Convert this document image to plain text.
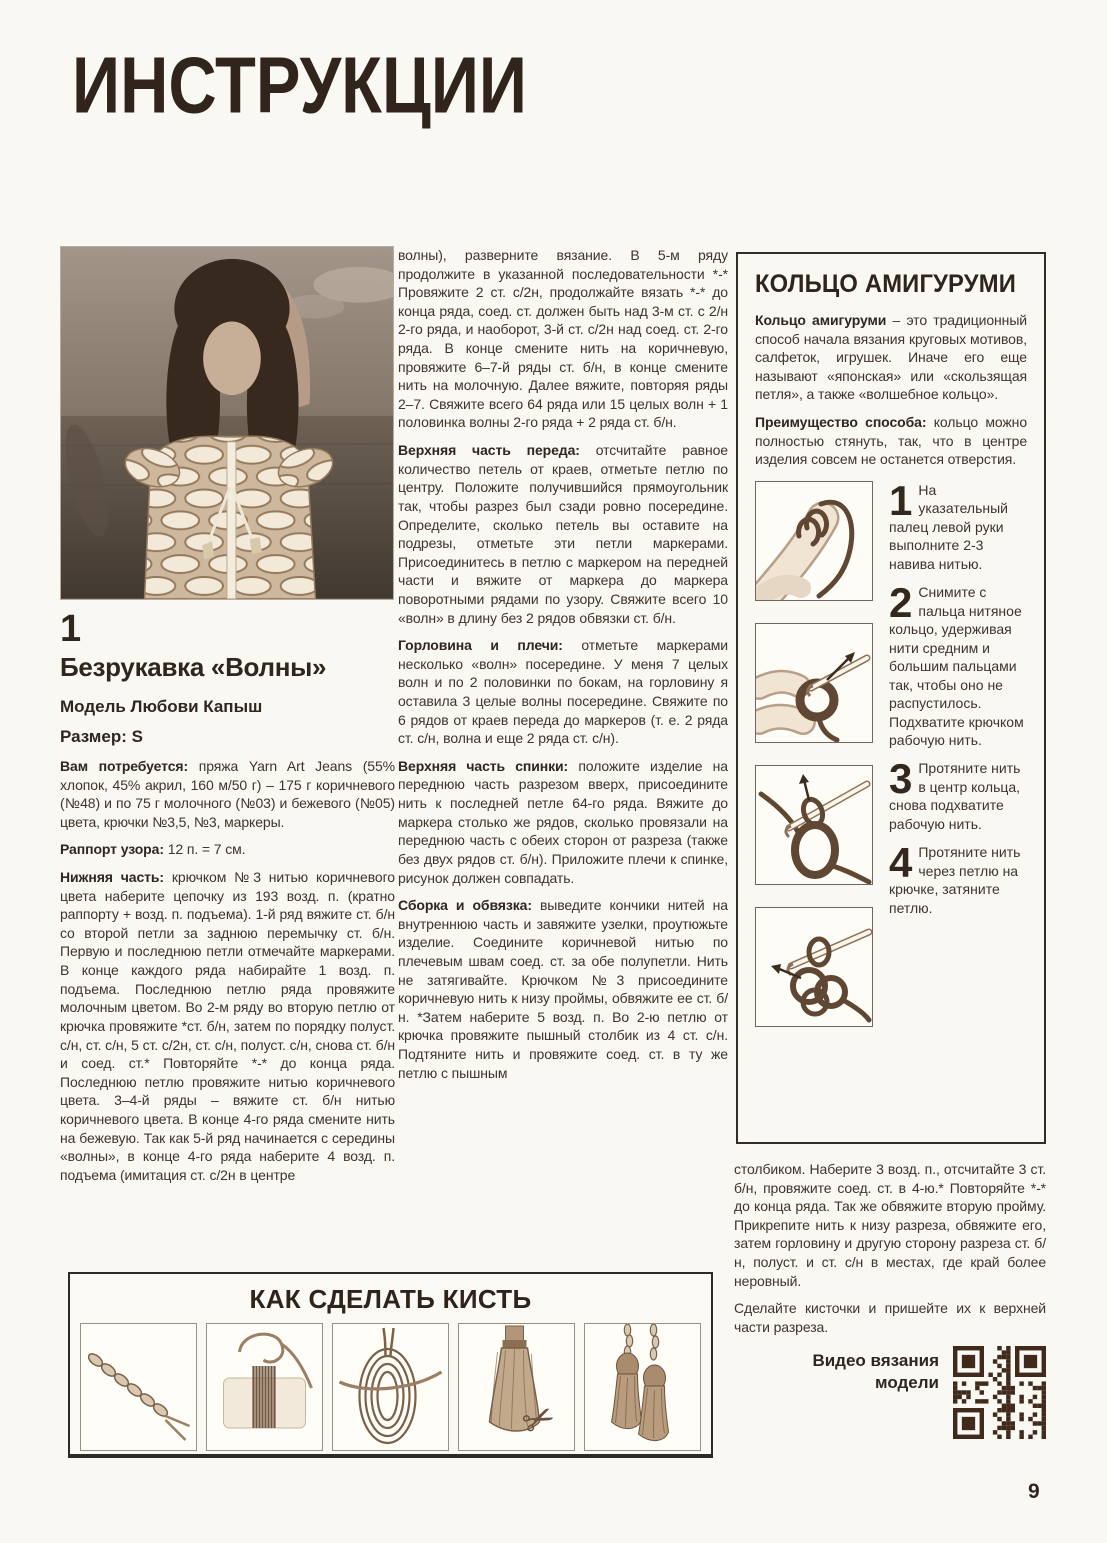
ИНСТРУКЦИИ
1
Безрукавка «Волны»
Модель Любови Капыш
Размер: S

Вам потребуется: пряжа Yarn Art Jeans (55% хлопок, 45% акрил, 160 м/50 г) – 175 г коричневого (№48) и по 75 г молочного (№03) и бежевого (№05) цвета, крючки №3,5, №3, маркеры.

Раппорт узора: 12 п. = 7 см.

Нижняя часть: крючком №3 нитью коричневого цвета наберите цепочку из 193 возд. п. (кратно раппорту + возд. п. подъема). 1-й ряд вяжите ст. б/н со второй петли за заднюю перемычку ст. б/н. Первую и последнюю петли отмечайте маркерами. В конце каждого ряда набирайте 1 возд. п. подъема. Последнюю петлю ряда провяжите молочным цветом. Во 2-м ряду во вторую петлю от крючка провяжите *ст. б/н, затем по порядку полуст. с/н, ст. с/н, 5 ст. с/2н, ст. с/н, полуст. с/н, снова ст. б/н и соед. ст.* Повторяйте *-* до конца ряда. Последнюю петлю провяжите нитью коричневого цвета. 3–4-й ряды – вяжите ст. б/н нитью коричневого цвета. В конце 4-го ряда смените нить на бежевую. Так как 5-й ряд начинается с середины «волны», в конце 4-го ряда наберите 4 возд. п. подъема (имитация ст. с/2н в центре

волны), разверните вязание. В 5-м ряду продолжите в указанной последовательности *-* Провяжите 2 ст. с/2н, продолжайте вязать *-* до конца ряда, соед. ст. должен быть над 3-м ст. с 2/н 2-го ряда, и наоборот, 3-й ст. с/2н над соед. ст. 2-го ряда. В конце смените нить на коричневую, провяжите 6–7-й ряды ст. б/н, в конце смените нить на молочную. Далее вяжите, повторяя ряды 2–7. Свяжите всего 64 ряда или 15 целых волн + 1 половинка волны 2-го ряда + 2 ряда ст. б/н.

Верхняя часть переда: отсчитайте равное количество петель от краев, отметьте петлю по центру. Положите получившийся прямоугольник так, чтобы разрез был сзади ровно посередине. Определите, сколько петель вы оставите на подрезы, отметьте эти петли маркерами. Присоединитесь в петлю с маркером на передней части и вяжите от маркера до маркера поворотными рядами по узору. Свяжите всего 10 «волн» в длину без 2 рядов обвязки ст. б/н.

Горловина и плечи: отметьте маркерами несколько «волн» посередине. У меня 7 целых волн и по 2 половинки по бокам, на горловину я оставила 3 целые волны посередине. Свяжите по 6 рядов от краев переда до маркеров (т. е. 2 ряда ст. с/н, волна и еще 2 ряда ст. с/н).

Верхняя часть спинки: положите изделие на переднюю часть разрезом вверх, присоедините нить к последней петле 64-го ряда. Вяжите до маркера столько же рядов, сколько провязали на переднюю часть с обеих сторон от разреза (также без двух рядов ст. б/н). Приложите плечи к спинке, рисунок должен совпадать.

Сборка и обвязка: выведите кончики нитей на внутреннюю часть и завяжите узелки, проутюжьте изделие. Соедините коричневой нитью по плечевым швам соед. ст. за обе полупетли. Нить не затягивайте. Крючком №3 присоедините коричневую нить к низу проймы, обвяжите ее ст. б/н. *Затем наберите 5 возд. п. Во 2-ю петлю от крючка провяжите пышный столбик из 4 ст. с/н. Подтяните нить и провяжите соед. ст. в ту же петлю с пышным

КОЛЬЦО АМИГУРУМИ

Кольцо амигуруми – это традиционный способ начала вязания круговых мотивов, салфеток, игрушек. Иначе его еще называют «японская» или «скользящая петля», а также «волшебное кольцо».

Преимущество способа: кольцо можно полностью стянуть, так, что в центре изделия совсем не останется отверстия.

1 На указательный палец левой руки выполните 2-3 навива нитью.
2 Снимите с пальца нитяное кольцо, удерживая нити средним и большим пальцами так, чтобы оно не распустилось. Подхватите крючком рабочую нить.
3 Протяните нить в центр кольца, снова подхватите рабочую нить.
4 Протяните нить через петлю на крючке, затяните петлю.

столбиком. Наберите 3 возд. п., отсчитайте 3 ст. б/н, провяжите соед. ст. в 4-ю.* Повторяйте *-* до конца ряда. Так же обвяжите вторую пройму. Прикрепите нить к низу разреза, обвяжите его, затем горловину и другую сторону разреза ст. б/н, полуст. и ст. с/н в местах, где край более неровный.

Сделайте кисточки и пришейте их к верхней части разреза.

Видео вязания модели
КАК СДЕЛАТЬ КИСТЬ
✂
9
